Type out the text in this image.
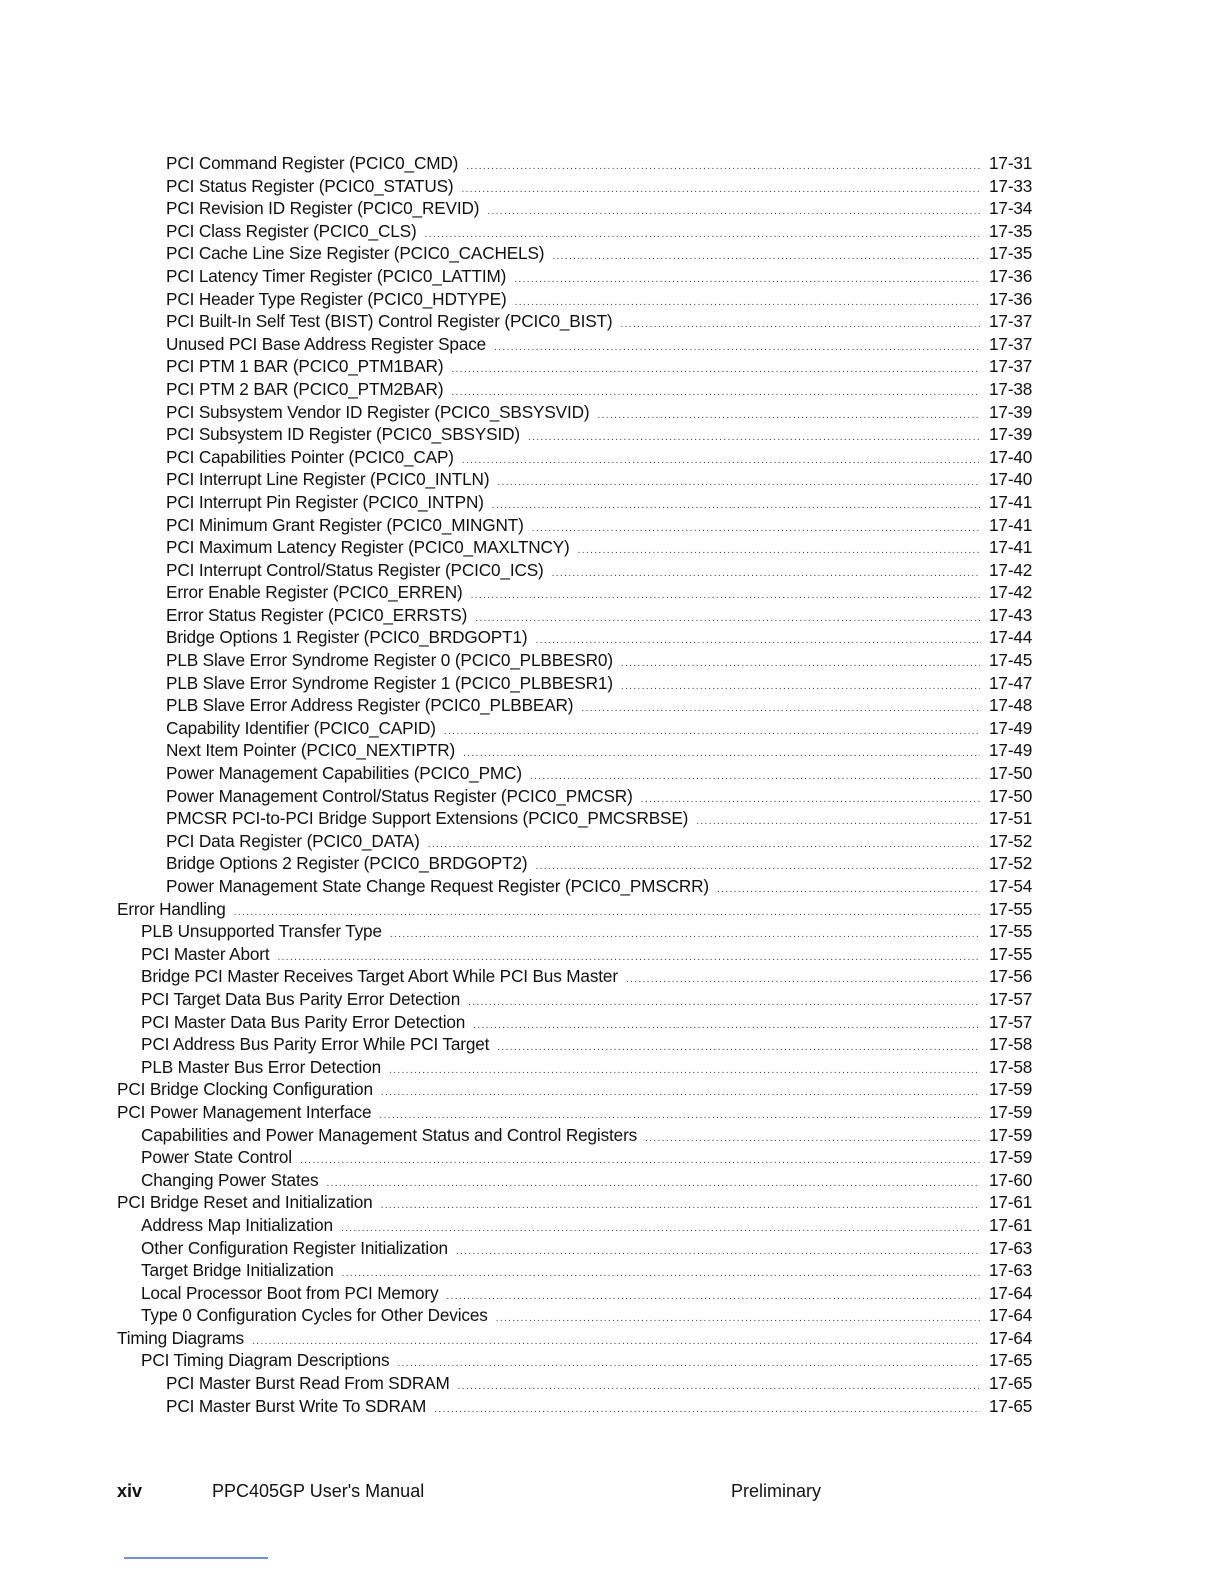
PCI Command Register (PCIC0_CMD) . . .	17-31
PCI Status Register (PCIC0_STATUS) . . .	17-33
PCI Revision ID Register (PCIC0_REVID) . . .	17-34
PCI Class Register (PCIC0_CLS) . . .	17-35
PCI Cache Line Size Register (PCIC0_CACHELS) . . .	17-35
PCI Latency Timer Register (PCIC0_LATTIM) . . .	17-36
PCI Header Type Register (PCIC0_HDTYPE) . . .	17-36
PCI Built-In Self Test (BIST) Control Register (PCIC0_BIST) . . .	17-37
Unused PCI Base Address Register Space . . .	17-37
PCI PTM 1 BAR (PCIC0_PTM1BAR) . . .	17-37
PCI PTM 2 BAR (PCIC0_PTM2BAR) . . .	17-38
PCI Subsystem Vendor ID Register (PCIC0_SBSYSVID) . . .	17-39
PCI Subsystem ID Register (PCIC0_SBSYSID) . . .	17-39
PCI Capabilities Pointer (PCIC0_CAP) . . .	17-40
PCI Interrupt Line Register (PCIC0_INTLN) . . .	17-40
PCI Interrupt Pin Register (PCIC0_INTPN) . . .	17-41
PCI Minimum Grant Register (PCIC0_MINGNT) . . .	17-41
PCI Maximum Latency Register (PCIC0_MAXLTNCY) . . .	17-41
PCI Interrupt Control/Status Register (PCIC0_ICS) . . .	17-42
Error Enable Register (PCIC0_ERREN) . . .	17-42
Error Status Register (PCIC0_ERRSTS) . . .	17-43
Bridge Options 1 Register (PCIC0_BRDGOPT1) . . .	17-44
PLB Slave Error Syndrome Register 0 (PCIC0_PLBBESR0) . . .	17-45
PLB Slave Error Syndrome Register 1 (PCIC0_PLBBESR1) . . .	17-47
PLB Slave Error Address Register (PCIC0_PLBBEAR) . . .	17-48
Capability Identifier (PCIC0_CAPID) . . .	17-49
Next Item Pointer (PCIC0_NEXTIPTR) . . .	17-49
Power Management Capabilities (PCIC0_PMC) . . .	17-50
Power Management Control/Status Register (PCIC0_PMCSR) . . .	17-50
PMCSR PCI-to-PCI Bridge Support Extensions (PCIC0_PMCSRBSE) . . .	17-51
PCI Data Register (PCIC0_DATA) . . .	17-52
Bridge Options 2 Register (PCIC0_BRDGOPT2) . . .	17-52
Power Management State Change Request Register (PCIC0_PMSCRR) . . .	17-54
Error Handling . . .	17-55
PLB Unsupported Transfer Type . . .	17-55
PCI Master Abort . . .	17-55
Bridge PCI Master Receives Target Abort While PCI Bus Master . . .	17-56
PCI Target Data Bus Parity Error Detection . . .	17-57
PCI Master Data Bus Parity Error Detection . . .	17-57
PCI Address Bus Parity Error While PCI Target . . .	17-58
PLB Master Bus Error Detection . . .	17-58
PCI Bridge Clocking Configuration . . .	17-59
PCI Power Management Interface . . .	17-59
Capabilities and Power Management Status and Control Registers . . .	17-59
Power State Control . . .	17-59
Changing Power States . . .	17-60
PCI Bridge Reset and Initialization . . .	17-61
Address Map Initialization . . .	17-61
Other Configuration Register Initialization . . .	17-63
Target Bridge Initialization . . .	17-63
Local Processor Boot from PCI Memory . . .	17-64
Type 0 Configuration Cycles for Other Devices . . .	17-64
Timing Diagrams . . .	17-64
PCI Timing Diagram Descriptions . . .	17-65
PCI Master Burst Read From SDRAM . . .	17-65
PCI Master Burst Write To SDRAM . . .	17-65
xiv	PPC405GP User's Manual	Preliminary
